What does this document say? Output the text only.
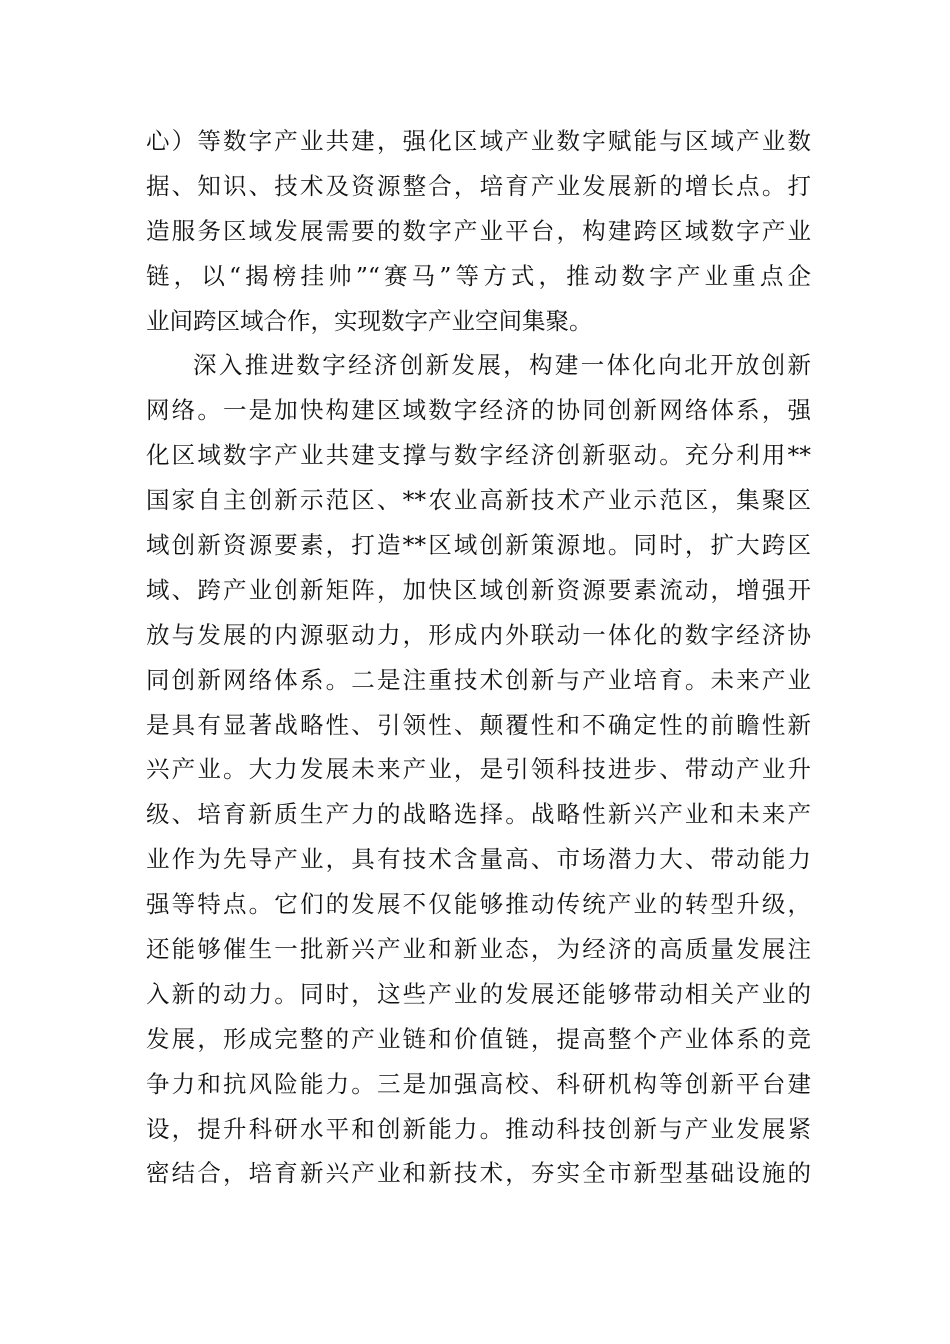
心）等数字产业共建，强化区域产业数字赋能与区域产业数
据、知识、技术及资源整合，培育产业发展新的增长点。打
造服务区域发展需要的数字产业平台，构建跨区域数字产业
链，以“揭榜挂帅”“赛马”等方式，推动数字产业重点企
业间跨区域合作，实现数字产业空间集聚。
深入推进数字经济创新发展，构建一体化向北开放创新
网络。一是加快构建区域数字经济的协同创新网络体系，强
化区域数字产业共建支撑与数字经济创新驱动。充分利用**
国家自主创新示范区、**农业高新技术产业示范区，集聚区
域创新资源要素，打造**区域创新策源地。同时，扩大跨区
域、跨产业创新矩阵，加快区域创新资源要素流动，增强开
放与发展的内源驱动力，形成内外联动一体化的数字经济协
同创新网络体系。二是注重技术创新与产业培育。未来产业
是具有显著战略性、引领性、颠覆性和不确定性的前瞻性新
兴产业。大力发展未来产业，是引领科技进步、带动产业升
级、培育新质生产力的战略选择。战略性新兴产业和未来产
业作为先导产业，具有技术含量高、市场潜力大、带动能力
强等特点。它们的发展不仅能够推动传统产业的转型升级，
还能够催生一批新兴产业和新业态，为经济的高质量发展注
入新的动力。同时，这些产业的发展还能够带动相关产业的
发展，形成完整的产业链和价值链，提高整个产业体系的竞
争力和抗风险能力。三是加强高校、科研机构等创新平台建
设，提升科研水平和创新能力。推动科技创新与产业发展紧
密结合，培育新兴产业和新技术，夯实全市新型基础设施的
